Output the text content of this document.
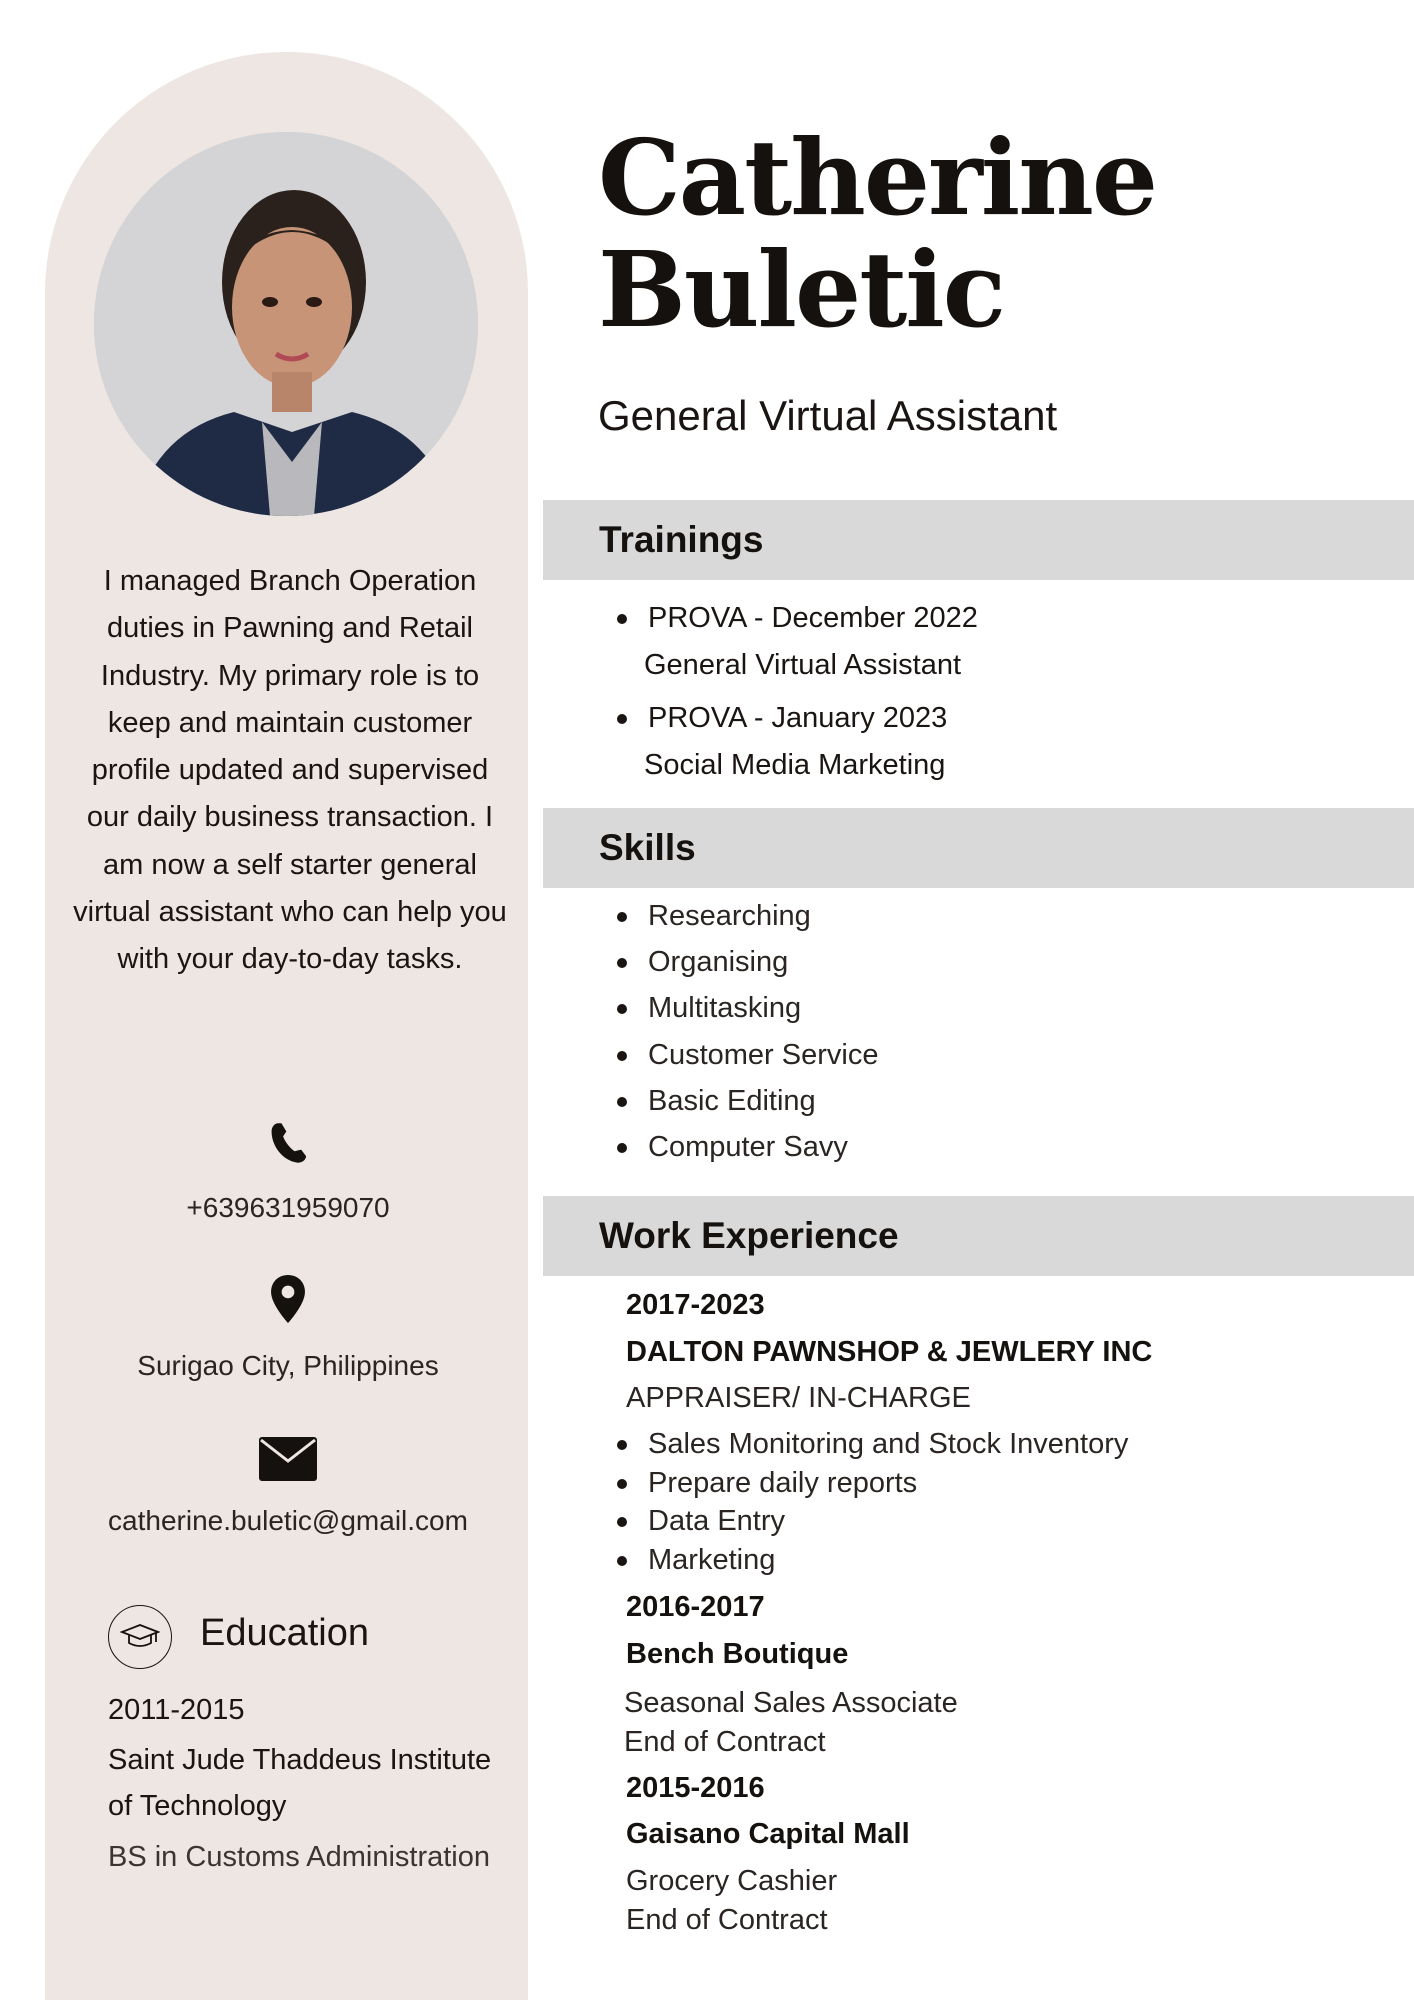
I managed Branch Operation duties in Pawning and Retail Industry. My primary role is to keep and maintain customer profile updated and supervised our daily business transaction. I am now a self starter general virtual assistant who can help you with your day-to-day tasks.
+639631959070
Surigao City, Philippines
catherine.buletic@gmail.com
Education
2011-2015
Saint Jude Thaddeus Institute
of Technology
BS in Customs Administration
Catherine
Buletic
General Virtual Assistant
Trainings
PROVA - December 2022
General Virtual Assistant
PROVA - January 2023
Social Media Marketing
Skills
Researching
Organising
Multitasking
Customer Service
Basic Editing
Computer Savy
Work Experience
2017-2023
DALTON PAWNSHOP & JEWLERY INC
APPRAISER/ IN-CHARGE
Sales Monitoring and Stock Inventory
Prepare daily reports
Data Entry
Marketing
2016-2017
Bench Boutique
Seasonal Sales Associate
End of Contract
2015-2016
Gaisano Capital Mall
Grocery Cashier
End of Contract
